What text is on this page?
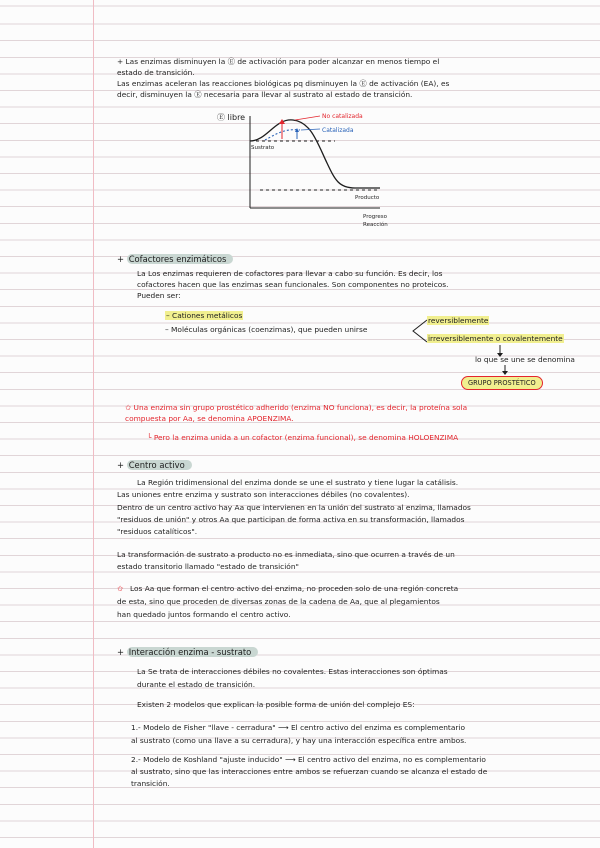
+ Las enzimas disminuyen la Ⓔ de activación para poder alcanzar en menos tiempo el
estado de transición.
Las enzimas aceleran las reacciones biológicas pq disminuyen la Ⓔ de activación (EA), es
decir, disminuyen la Ⓔ necesaria para llevar al sustrato al estado de transición.
Ⓔ libre
Sustrato
No catalizada
Catalizada
Producto
Progreso
Reacción
+ Cofactores enzimáticos
La Los enzimas requieren de cofactores para llevar a cabo su función. Es decir, los
cofactores hacen que las enzimas sean funcionales. Son componentes no proteicos.
Pueden ser:
– Cationes metálicos
– Moléculas orgánicas (coenzimas), que pueden unirse
reversiblemente
irreversiblemente o covalentemente
lo que se une se denomina
GRUPO PROSTÉTICO
✩ Una enzima sin grupo prostético adherido (enzima NO funciona), es decir, la proteína sola
compuesta por Aa, se denomina APOENZIMA.
└ Pero la enzima unida a un cofactor (enzima funcional), se denomina HOLOENZIMA
+ Centro activo
La Región tridimensional del enzima donde se une el sustrato y tiene lugar la catálisis.
Las uniones entre enzima y sustrato son interacciones débiles (no covalentes).
Dentro de un centro activo hay Aa que intervienen en la unión del sustrato al enzima, llamados
"residuos de unión" y otros Aa que participan de forma activa en su transformación, llamados
"residuos catalíticos".
La transformación de sustrato a producto no es inmediata, sino que ocurren a través de un
estado transitorio llamado "estado de transición"
✩ Los Aa que forman el centro activo del enzima, no proceden solo de una región concreta
de esta, sino que proceden de diversas zonas de la cadena de Aa, que al plegamientos
han quedado juntos formando el centro activo.
+ Interacción enzima - sustrato
La Se trata de interacciones débiles no covalentes. Estas interacciones son óptimas
durante el estado de transición.
Existen 2 modelos que explican la posible forma de unión del complejo ES:
1.- Modelo de Fisher "llave - cerradura" ⟶ El centro activo del enzima es complementario
al sustrato (como una llave a su cerradura), y hay una interacción específica entre ambos.
2.- Modelo de Koshland "ajuste inducido" ⟶ El centro activo del enzima, no es complementario
al sustrato, sino que las interacciones entre ambos se refuerzan cuando se alcanza el estado de
transición.
